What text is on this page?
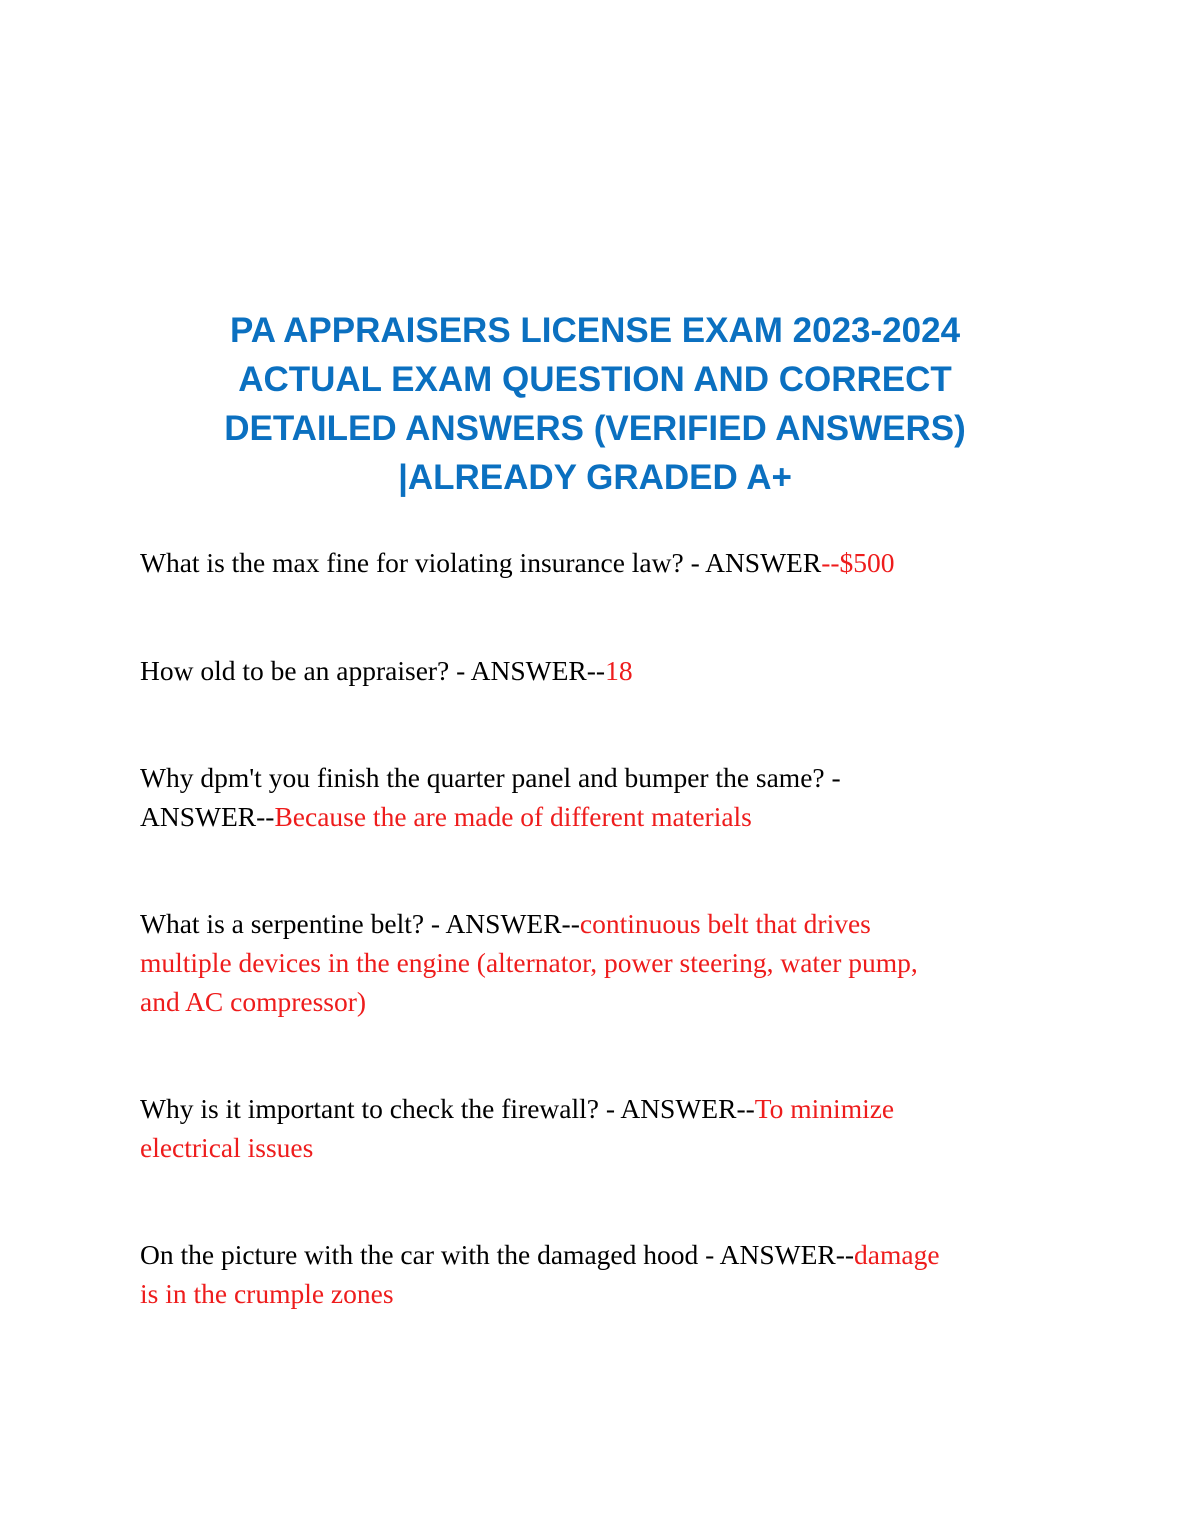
PA APPRAISERS LICENSE EXAM 2023-2024
ACTUAL EXAM QUESTION AND CORRECT
DETAILED ANSWERS (VERIFIED ANSWERS)
|ALREADY GRADED A+

What is the max fine for violating insurance law? - ANSWER--$500

How old to be an appraiser? - ANSWER--18

Why dpm't you finish the quarter panel and bumper the same? -
ANSWER--Because the are made of different materials

What is a serpentine belt? - ANSWER--continuous belt that drives
multiple devices in the engine (alternator, power steering, water pump,
and AC compressor)

Why is it important to check the firewall? - ANSWER--To minimize
electrical issues

On the picture with the car with the damaged hood - ANSWER--damage
is in the crumple zones
